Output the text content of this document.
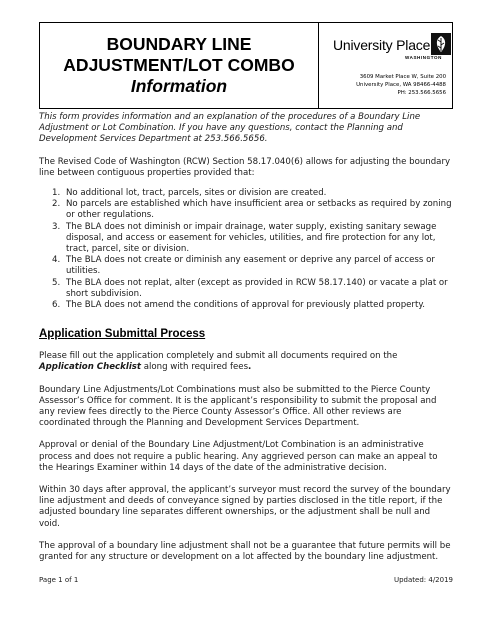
BOUNDARY LINE
ADJUSTMENT/LOT COMBO
Information
University Place
WASHINGTON
3609 Market Place W, Suite 200
University Place, WA 98466-4488
PH: 253.566.5656

This form provides information and an explanation of the procedures of a Boundary Line Adjustment or Lot Combination. If you have any questions, contact the Planning and Development Services Department at 253.566.5656.

The Revised Code of Washington (RCW) Section 58.17.040(6) allows for adjusting the boundary line between contiguous properties provided that:

1. No additional lot, tract, parcels, sites or division are created.
2. No parcels are established which have insufficient area or setbacks as required by zoning or other regulations.
3. The BLA does not diminish or impair drainage, water supply, existing sanitary sewage disposal, and access or easement for vehicles, utilities, and fire protection for any lot, tract, parcel, site or division.
4. The BLA does not create or diminish any easement or deprive any parcel of access or utilities.
5. The BLA does not replat, alter (except as provided in RCW 58.17.140) or vacate a plat or short subdivision.
6. The BLA does not amend the conditions of approval for previously platted property.
Application Submittal Process

Please fill out the application completely and submit all documents required on the Application Checklist along with required fees.

Boundary Line Adjustments/Lot Combinations must also be submitted to the Pierce County Assessor’s Office for comment. It is the applicant’s responsibility to submit the proposal and any review fees directly to the Pierce County Assessor’s Office. All other reviews are coordinated through the Planning and Development Services Department.

Approval or denial of the Boundary Line Adjustment/Lot Combination is an administrative process and does not require a public hearing. Any aggrieved person can make an appeal to the Hearings Examiner within 14 days of the date of the administrative decision.

Within 30 days after approval, the applicant’s surveyor must record the survey of the boundary line adjustment and deeds of conveyance signed by parties disclosed in the title report, if the adjusted boundary line separates different ownerships, or the adjustment shall be null and void.

The approval of a boundary line adjustment shall not be a guarantee that future permits will be granted for any structure or development on a lot affected by the boundary line adjustment.

Page 1 of 1	Updated: 4/2019
